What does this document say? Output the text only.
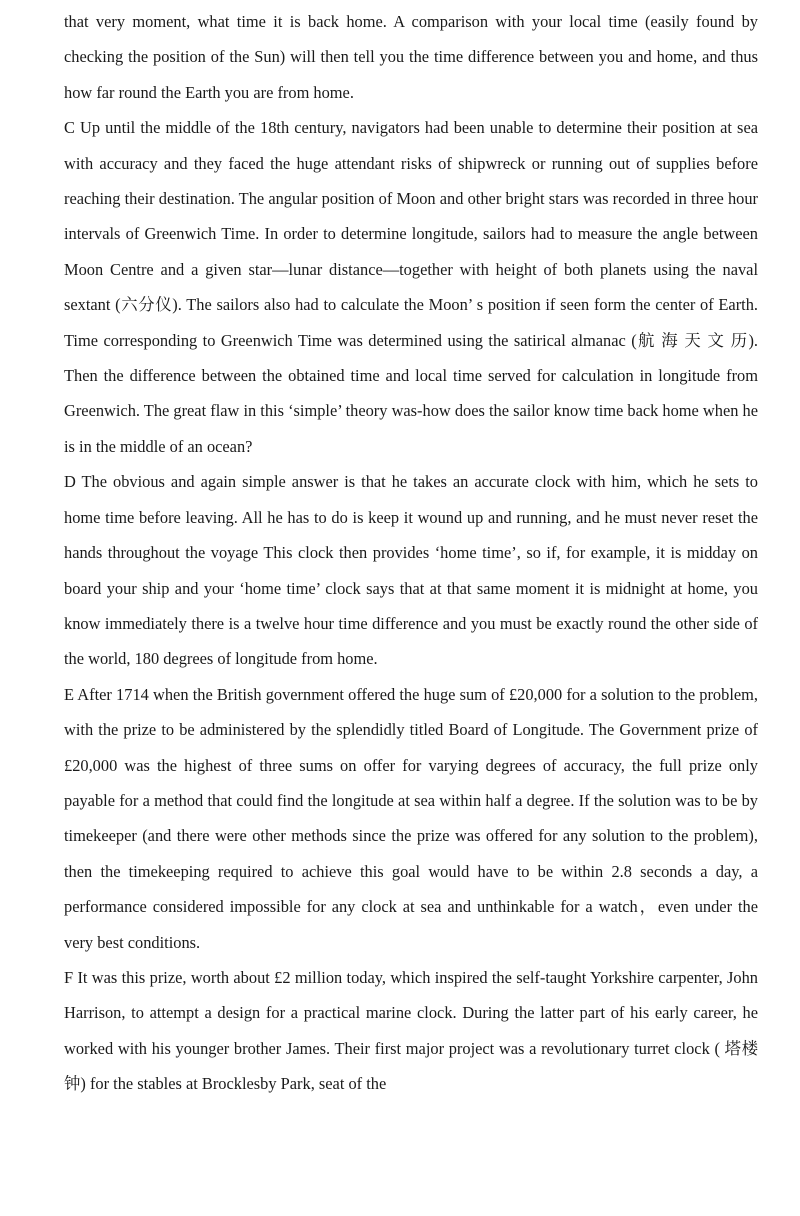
that very moment, what time it is back home. A comparison with your local time (easily found by checking the position of the Sun) will then tell you the time difference between you and home, and thus how far round the Earth you are from home.

C Up until the middle of the 18th century, navigators had been unable to determine their position at sea with accuracy and they faced the huge attendant risks of shipwreck or running out of supplies before reaching their destination. The angular position of Moon and other bright stars was recorded in three hour intervals of Greenwich Time. In order to determine longitude, sailors had to measure the angle between Moon Centre and a given star—lunar distance—together with height of both planets using the naval sextant (六分仪). The sailors also had to calculate the Moon’ s position if seen form the center of Earth. Time corresponding to Greenwich Time was determined using the satirical almanac (航 海 天 文 历). Then the difference between the obtained time and local time served for calculation in longitude from Greenwich. The great flaw in this ‘simple’ theory was-how does the sailor know time back home when he is in the middle of an ocean?

D The obvious and again simple answer is that he takes an accurate clock with him, which he sets to home time before leaving. All he has to do is keep it wound up and running, and he must never reset the hands throughout the voyage This clock then provides ‘home time’, so if, for example, it is midday on board your ship and your ‘home time’ clock says that at that same moment it is midnight at home, you know immediately there is a twelve hour time difference and you must be exactly round the other side of the world, 180 degrees of longitude from home.

E After 1714 when the British government offered the huge sum of £20,000 for a solution to the problem, with the prize to be administered by the splendidly titled Board of Longitude. The Government prize of £20,000 was the highest of three sums on offer for varying degrees of accuracy, the full prize only payable for a method that could find the longitude at sea within half a degree. If the solution was to be by timekeeper (and there were other methods since the prize was offered for any solution to the problem), then the timekeeping required to achieve this goal would have to be within 2.8 seconds a day, a performance considered impossible for any clock at sea and unthinkable for a watch，even under the very best conditions.

F It was this prize, worth about £2 million today, which inspired the self-taught Yorkshire carpenter, John Harrison, to attempt a design for a practical marine clock. During the latter part of his early career, he worked with his younger brother James. Their first major project was a revolutionary turret clock ( 塔楼 钟) for the stables at Brocklesby Park, seat of the
